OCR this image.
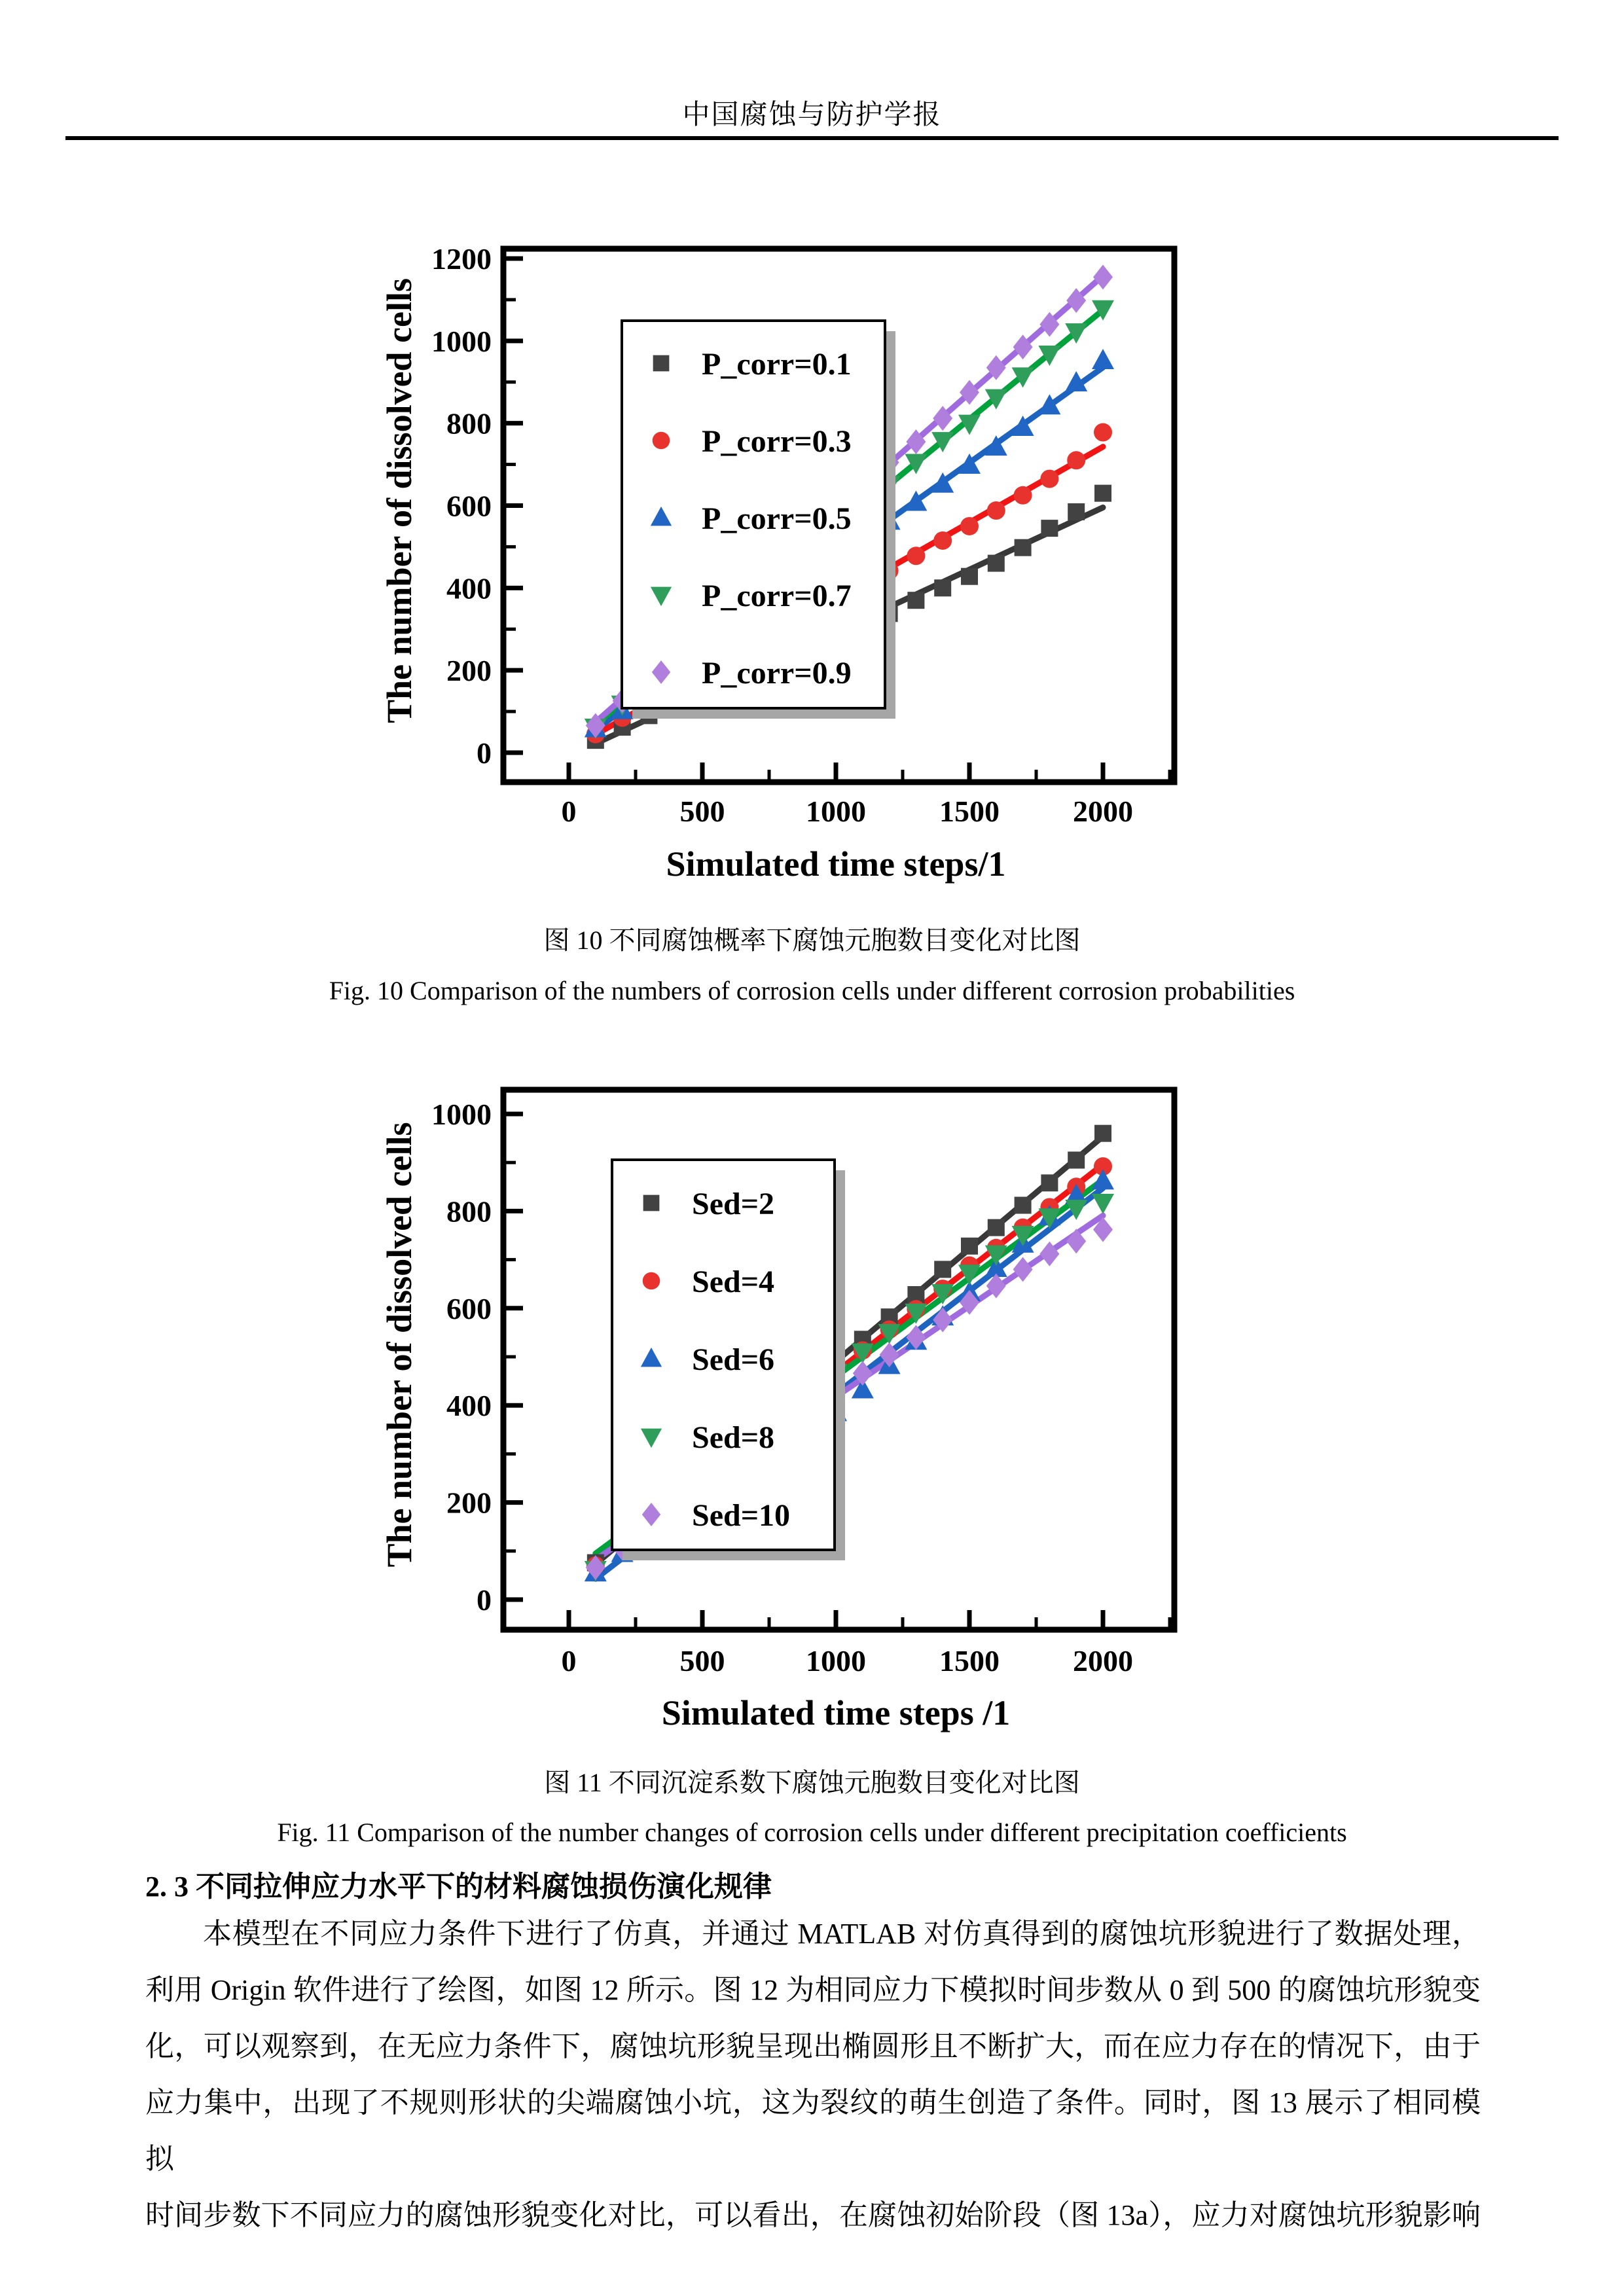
中国腐蚀与防护学报
0
200
400
600
800
1000
1200
0	500	1000 1500 2000
Simulated time steps/1
The number of dissolved cells	P_corr=0.1
P_corr=0.3
P_corr=0.5
P_corr=0.7
P_corr=0.9
图 10 不同腐蚀概率下腐蚀元胞数目变化对比图
Fig. 10 Comparison of the numbers of corrosion cells under different corrosion probabilities
0
200
400
600
800
1000
0	500	1000 1500 2000
Simulated time steps /1
The number of dissolved cells	Sed=2
Sed=4
Sed=6
Sed=8
Sed=10
图 11 不同沉淀系数下腐蚀元胞数目变化对比图
Fig. 11 Comparison of the number changes of corrosion cells under different precipitation coefficients
2. 3 不同拉伸应力水平下的材料腐蚀损伤演化规律
本模型在不同应力条件下进行了仿真，并通过 MATLAB 对仿真得到的腐蚀坑形貌进行了数据处理，
利用 Origin 软件进行了绘图，如图 12 所示。图 12 为相同应力下模拟时间步数从 0 到 500 的腐蚀坑形貌变
化，可以观察到，在无应力条件下，腐蚀坑形貌呈现出椭圆形且不断扩大，而在应力存在的情况下，由于
应力集中，出现了不规则形状的尖端腐蚀小坑，这为裂纹的萌生创造了条件。同时，图 13 展示了相同模拟
时间步数下不同应力的腐蚀形貌变化对比，可以看出，在腐蚀初始阶段（图 13a），应力对腐蚀坑形貌影响
